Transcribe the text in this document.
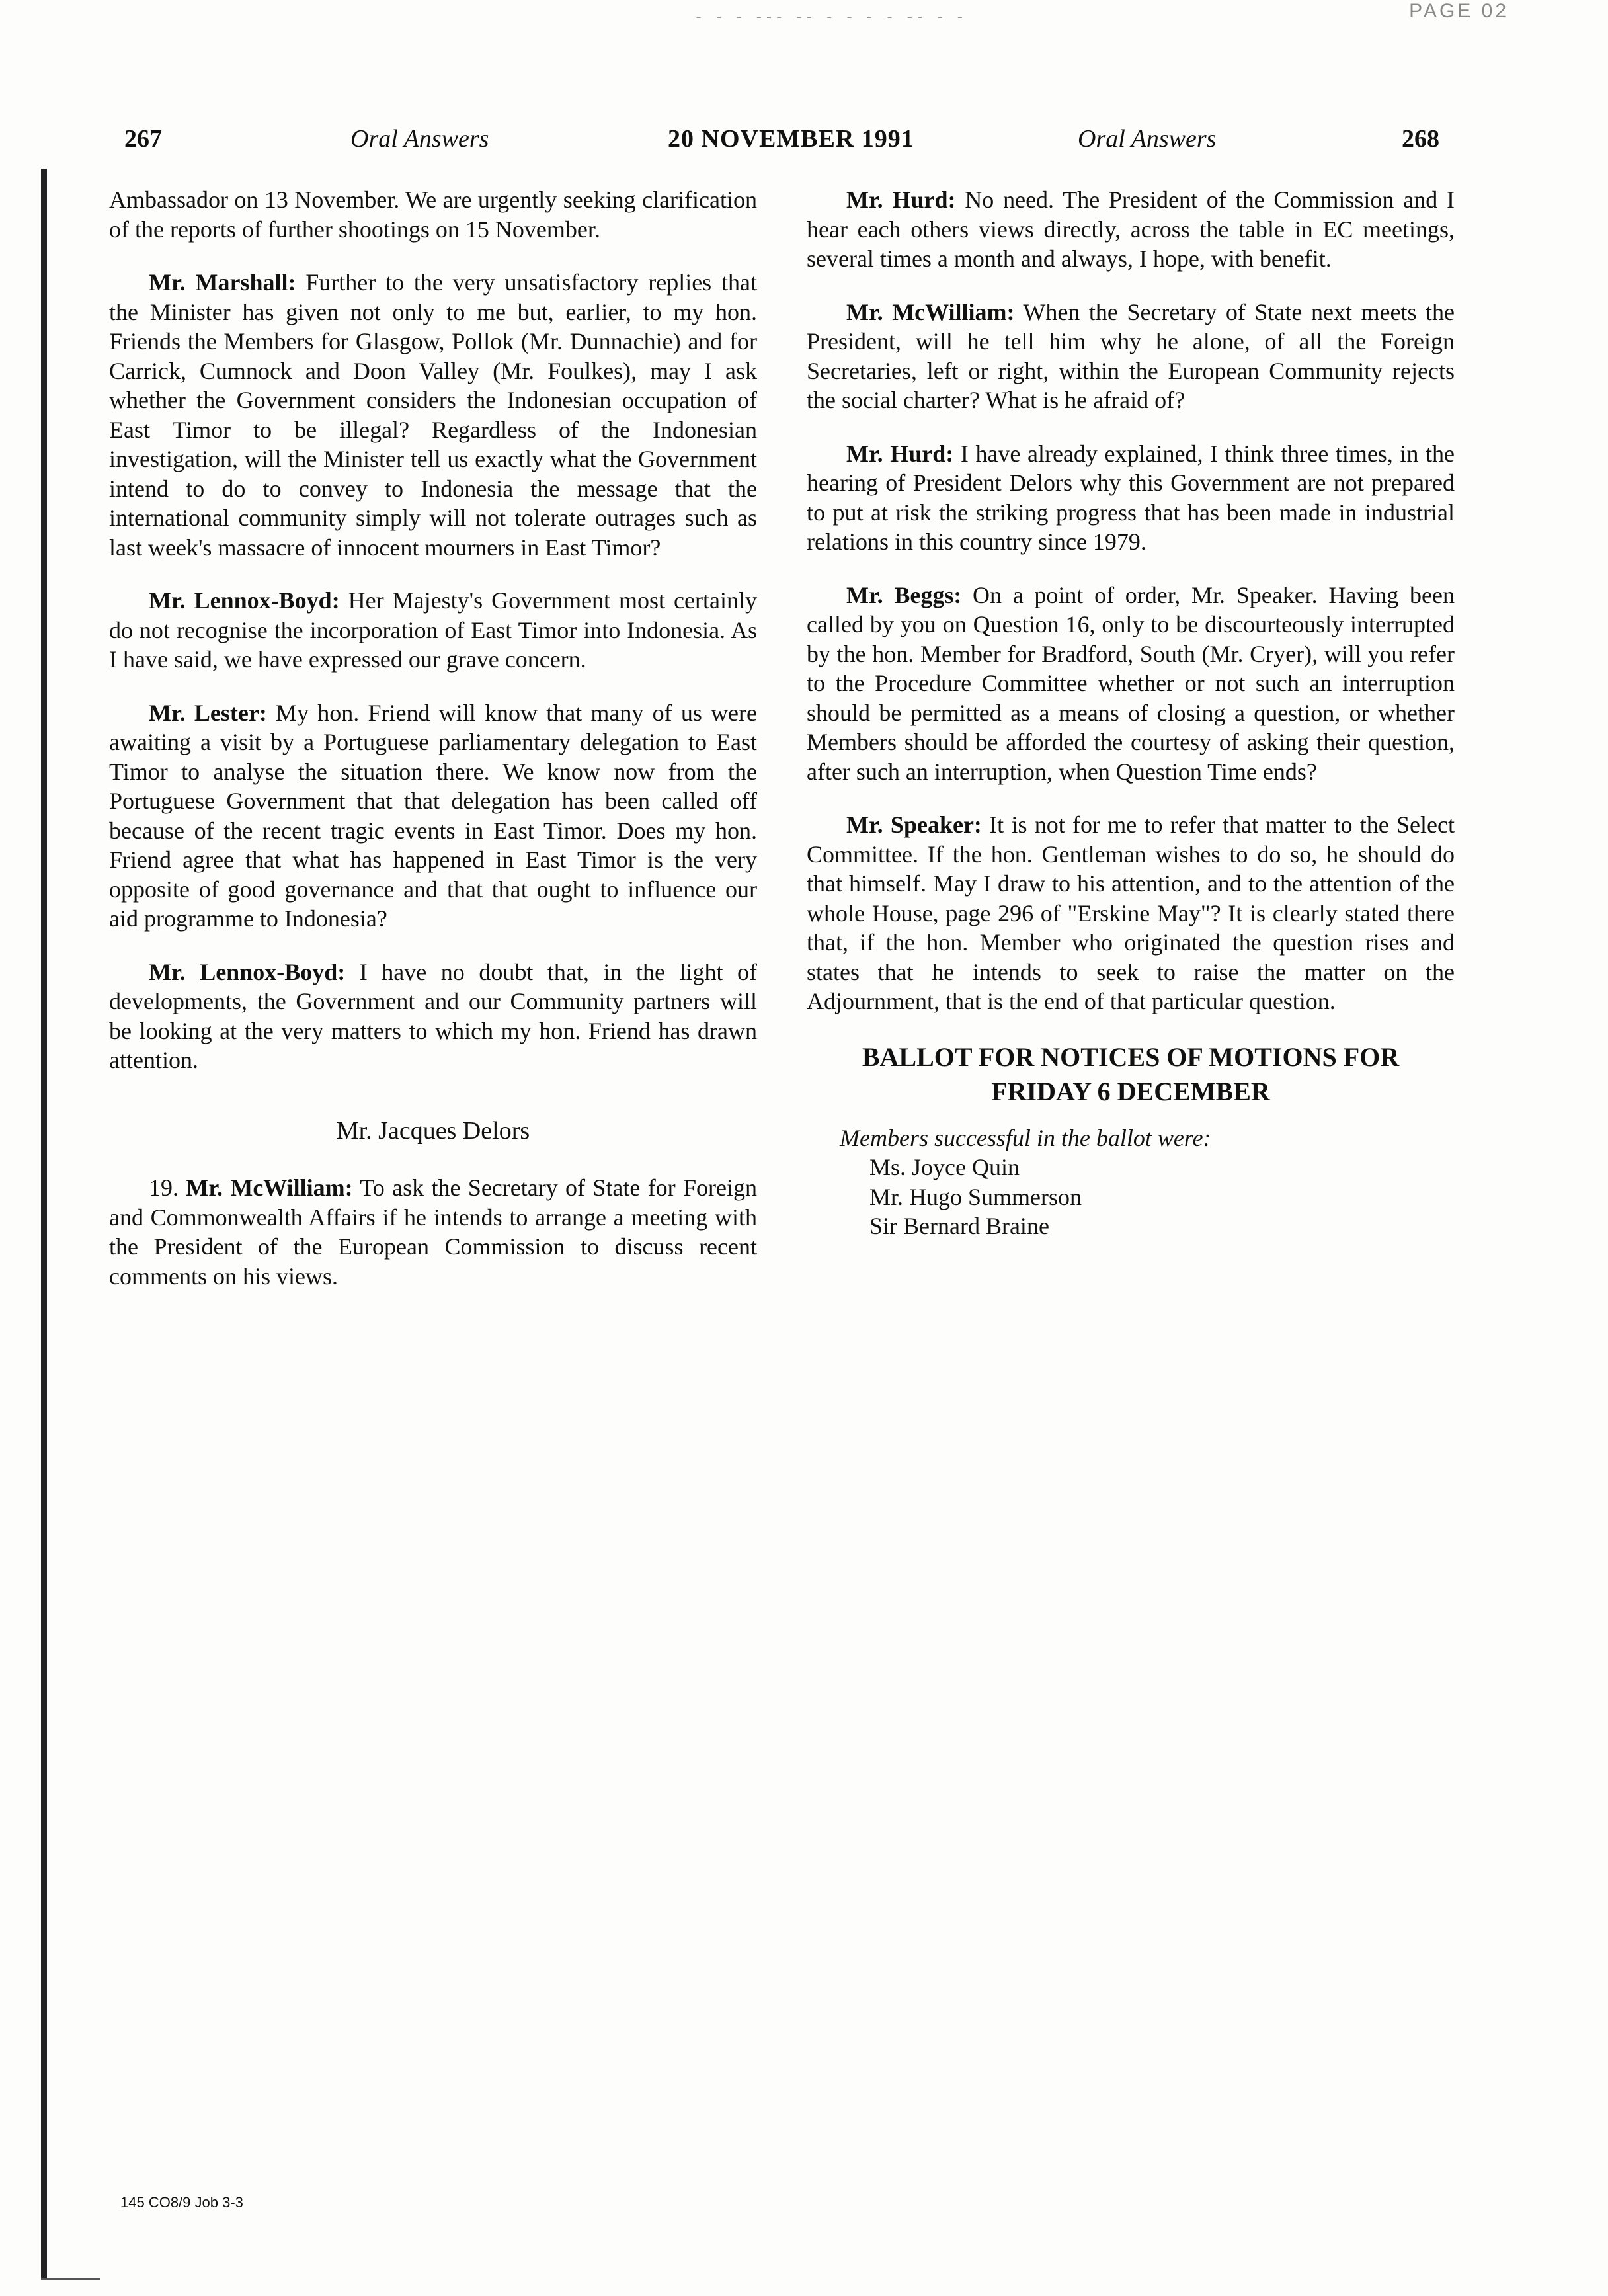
PAGE 02
- - - ‐‐‐ ‐‐ ‐ ‐ ‐ ‐ ‐‐ ‐ ‐
267	Oral Answers	20 NOVEMBER 1991	Oral Answers	268

Ambassador on 13 November. We are urgently seeking clarification of the reports of further shootings on 15 November.

Mr. Marshall: Further to the very unsatisfactory replies that the Minister has given not only to me but, earlier, to my hon. Friends the Members for Glasgow, Pollok (Mr. Dunnachie) and for Carrick, Cumnock and Doon Valley (Mr. Foulkes), may I ask whether the Government considers the Indonesian occupation of East Timor to be illegal? Regardless of the Indonesian investigation, will the Minister tell us exactly what the Government intend to do to convey to Indonesia the message that the international community simply will not tolerate outrages such as last week's massacre of innocent mourners in East Timor?

Mr. Lennox-Boyd: Her Majesty's Government most certainly do not recognise the incorporation of East Timor into Indonesia. As I have said, we have expressed our grave concern.

Mr. Lester: My hon. Friend will know that many of us were awaiting a visit by a Portuguese parliamentary delegation to East Timor to analyse the situation there. We know now from the Portuguese Government that that delegation has been called off because of the recent tragic events in East Timor. Does my hon. Friend agree that what has happened in East Timor is the very opposite of good governance and that that ought to influence our aid programme to Indonesia?

Mr. Lennox-Boyd: I have no doubt that, in the light of developments, the Government and our Community partners will be looking at the very matters to which my hon. Friend has drawn attention.

Mr. Jacques Delors

19. Mr. McWilliam: To ask the Secretary of State for Foreign and Commonwealth Affairs if he intends to arrange a meeting with the President of the European Commission to discuss recent comments on his views.

Mr. Hurd: No need. The President of the Commission and I hear each others views directly, across the table in EC meetings, several times a month and always, I hope, with benefit.

Mr. McWilliam: When the Secretary of State next meets the President, will he tell him why he alone, of all the Foreign Secretaries, left or right, within the European Community rejects the social charter? What is he afraid of?

Mr. Hurd: I have already explained, I think three times, in the hearing of President Delors why this Government are not prepared to put at risk the striking progress that has been made in industrial relations in this country since 1979.

Mr. Beggs: On a point of order, Mr. Speaker. Having been called by you on Question 16, only to be discourteously interrupted by the hon. Member for Bradford, South (Mr. Cryer), will you refer to the Procedure Committee whether or not such an interruption should be permitted as a means of closing a question, or whether Members should be afforded the courtesy of asking their question, after such an interruption, when Question Time ends?

Mr. Speaker: It is not for me to refer that matter to the Select Committee. If the hon. Gentleman wishes to do so, he should do that himself. May I draw to his attention, and to the attention of the whole House, page 296 of "Erskine May"? It is clearly stated there that, if the hon. Member who originated the question rises and states that he intends to seek to raise the matter on the Adjournment, that is the end of that particular question.

BALLOT FOR NOTICES OF MOTIONS FOR
FRIDAY 6 DECEMBER

Members successful in the ballot were:

Ms. Joyce Quin
Mr. Hugo Summerson
Sir Bernard Braine
145 CO8/9 Job 3-3
